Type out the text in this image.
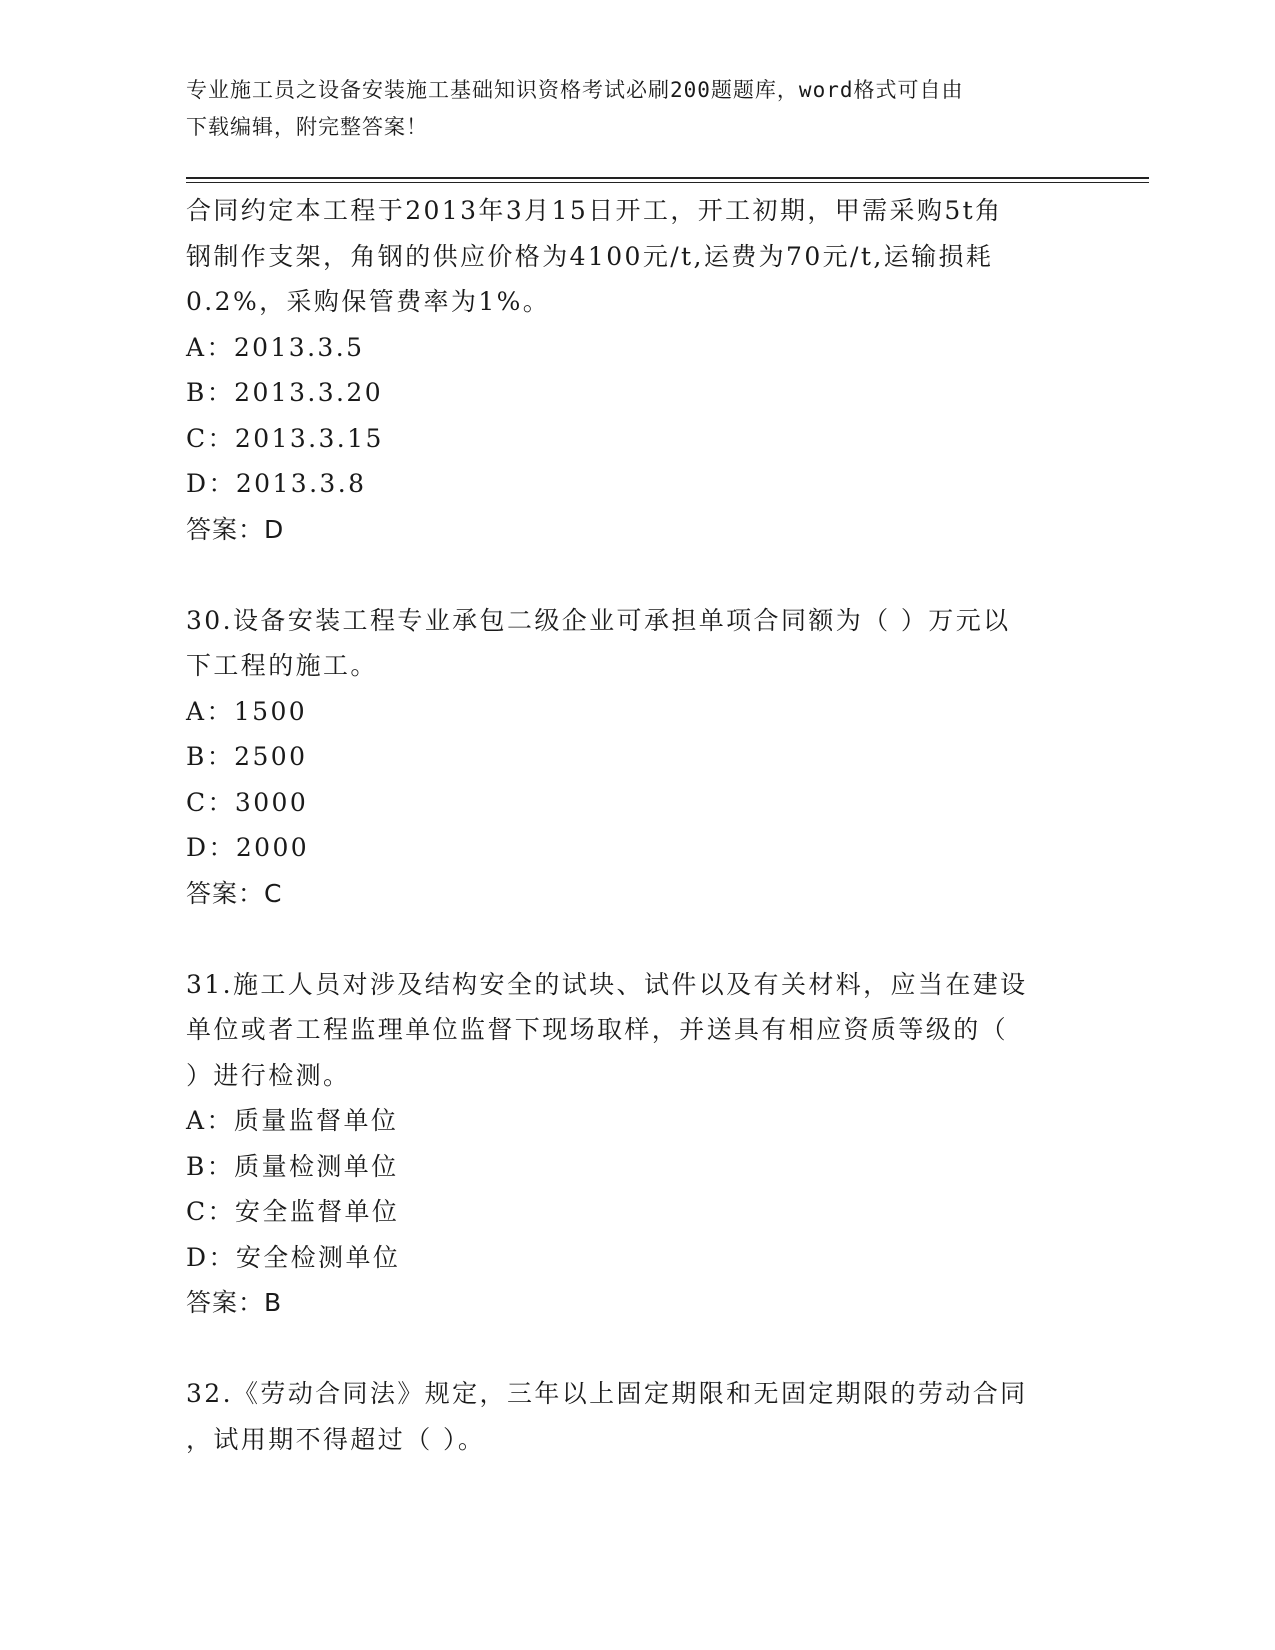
专业施工员之设备安装施工基础知识资格考试必刷200题题库，word格式可自由
下载编辑，附完整答案！

合同约定本工程于2013年3月15日开工，开工初期，甲需采购5t角

钢制作支架，角钢的供应价格为4100元/t,运费为70元/t,运输损耗

0.2%，采购保管费率为1%。

A：2013.3.5

B：2013.3.20

C：2013.3.15

D：2013.3.8

答案：D

30.设备安装工程专业承包二级企业可承担单项合同额为（ ）万元以

下工程的施工。

A：1500

B：2500

C：3000

D：2000

答案：C

31.施工人员对涉及结构安全的试块、试件以及有关材料，应当在建设

单位或者工程监理单位监督下现场取样，并送具有相应资质等级的（

）进行检测。

A：质量监督单位

B：质量检测单位

C：安全监督单位

D：安全检测单位

答案：B

32.《劳动合同法》规定，三年以上固定期限和无固定期限的劳动合同

，试用期不得超过（ ）。
